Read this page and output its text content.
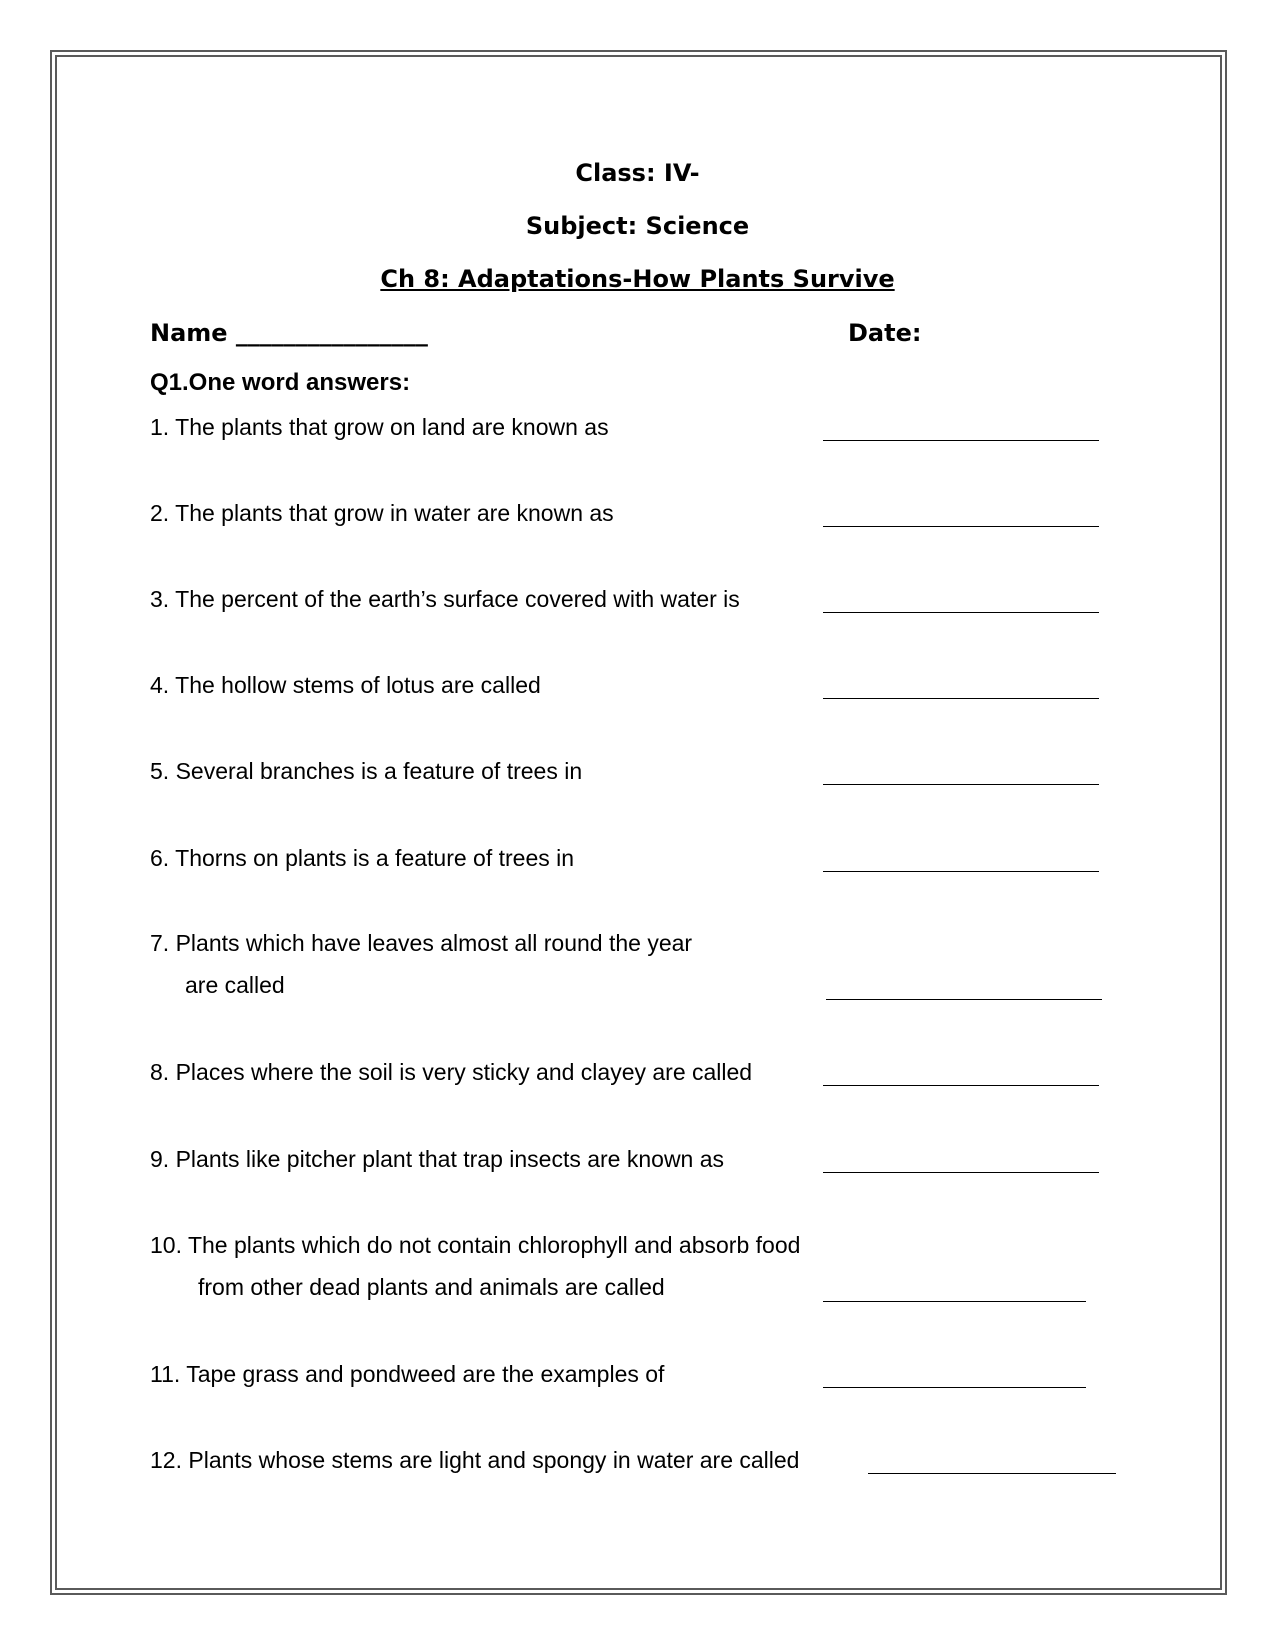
Class: IV-
Subject: Science
Ch 8: Adaptations-How Plants Survive
Name ________________	Date:
Q1.One word answers:
1. The plants that grow on land are known as
2. The plants that grow in water are known as
3. The percent of the earth’s surface covered with water is
4. The hollow stems of lotus are called
5. Several branches is a feature of trees in
6. Thorns on plants is a feature of trees in
7. Plants which have leaves almost all round the year
are called
8. Places where the soil is very sticky and clayey are called
9. Plants like pitcher plant that trap insects are known as
10. The plants which do not contain chlorophyll and absorb food
from other dead plants and animals are called
11. Tape grass and pondweed are the examples of
12. Plants whose stems are light and spongy in water are called
